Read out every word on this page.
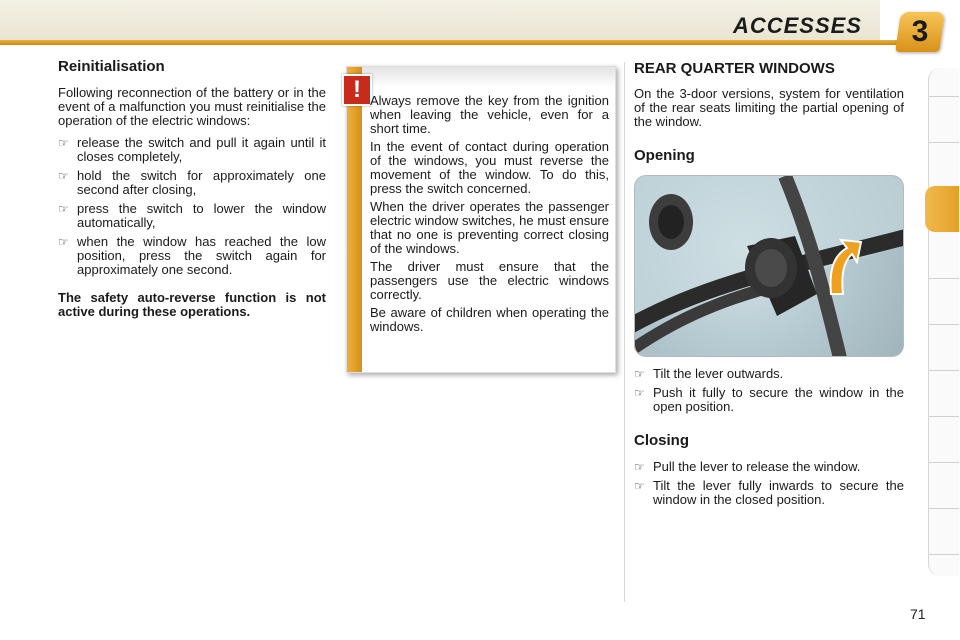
ACCESSES	3
Reinitialisation
Following reconnection of the battery or in the event of a malfunction you must reinitialise the operation of the electric windows:
☞ release the switch and pull it again until it closes completely,
☞ hold the switch for approximately one second after closing,
☞ press the switch to lower the window automatically,
☞ when the window has reached the low position, press the switch again for approximately one second.
The safety auto-reverse function is not active during these operations.
! Always remove the key from the ignition when leaving the vehicle, even for a short time.
In the event of contact during operation of the windows, you must reverse the movement of the window. To do this, press the switch concerned.
When the driver operates the passenger electric window switches, he must ensure that no one is preventing correct closing of the windows.
The driver must ensure that the passengers use the electric windows correctly.
Be aware of children when operating the windows.
REAR QUARTER WINDOWS
On the 3-door versions, system for ventilation of the rear seats limiting the partial opening of the window.
Opening
☞ Tilt the lever outwards.
☞ Push it fully to secure the window in the open position.
Closing
☞ Pull the lever to release the window.
☞ Tilt the lever fully inwards to secure the window in the closed position.
71
